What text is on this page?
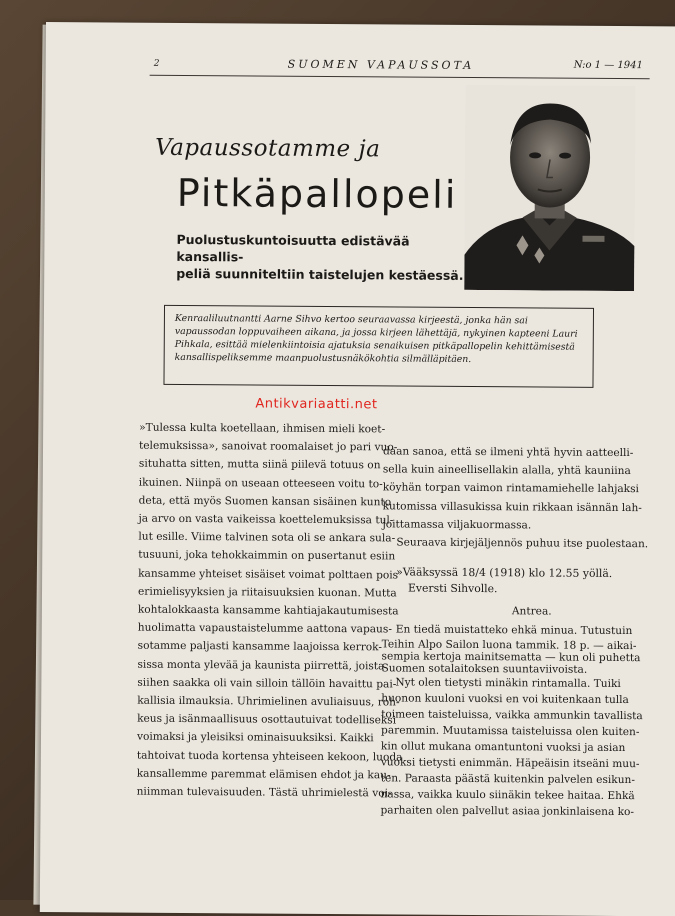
2	SUOMEN VAPAUSSOTA	N:o 1 — 1941
Vapaussotamme ja
Pitkäpallopeli
Puolustuskuntoisuutta edistävää kansallis-
peliä suunniteltiin taistelujen kestäessä.
Kenraaliluutnantti Aarne Sihvo kertoo seuraavassa kirjeestä, jonka hän sai
vapaussodan loppuvaiheen aikana, ja jossa kirjeen lähettäjä, nykyinen kapteeni Lauri
Pihkala, esittää mielenkiintoisia ajatuksia senaikuisen pitkäpallopelin kehittämisestä
kansallispeliksemme maanpuolustusnäkökohtia silmälläpitäen.
Antikvariaatti.net
»Tulessa kulta koetellaan, ihmisen mieli koet-
telemuksissa», sanoivat roomalaiset jo pari vuo-
situhatta sitten, mutta siinä piilevä totuus on
ikuinen. Niinpä on useaan otteeseen voitu to-
deta, että myös Suomen kansan sisäinen kunto
ja arvo on vasta vaikeissa koettelemuksissa tul-
lut esille. Viime talvinen sota oli se ankara sula-
tusuuni, joka tehokkaimmin on pusertanut esiin
kansamme yhteiset sisäiset voimat polttaen pois
erimielisyyksien ja riitaisuuksien kuonan. Mutta
kohtalokkaasta kansamme kahtiajakautumisesta
huolimatta vapaustaistelumme aattona vapaus-
sotamme paljasti kansamme laajoissa kerrok-
sissa monta ylevää ja kaunista piirrettä, joista
siihen saakka oli vain silloin tällöin havaittu pai-
kallisia ilmauksia. Uhrimielinen avuliaisuus, roh-
keus ja isänmaallisuus osottautuivat todelliseksi
voimaksi ja yleisiksi ominaisuuksiksi. Kaikki
tahtoivat tuoda kortensa yhteiseen kekoon, luoda
kansallemme paremmat elämisen ehdot ja kau-
niimman tulevaisuuden. Tästä uhrimielestä voi-
daan sanoa, että se ilmeni yhtä hyvin aatteelli-
sella kuin aineellisellakin alalla, yhtä kauniina
köyhän torpan vaimon rintamamiehelle lahjaksi
kutomissa villasukissa kuin rikkaan isännän lah-
joittamassa viljakuormassa.
Seuraava kirjejäljennös puhuu itse puolestaan.
»Vääksyssä 18/4 (1918) klo 12.55 yöllä.
Eversti Sihvolle.
Antrea.
En tiedä muistatteko ehkä minua. Tutustuin
Teihin Alpo Sailon luona tammik. 18 p. — aikai-
sempia kertoja mainitsematta — kun oli puhetta
Suomen sotalaitoksen suuntaviivoista.
Nyt olen tietysti minäkin rintamalla. Tuiki
huonon kuuloni vuoksi en voi kuitenkaan tulla
toimeen taisteluissa, vaikka ammunkin tavallista
paremmin. Muutamissa taisteluissa olen kuiten-
kin ollut mukana omantuntoni vuoksi ja asian
vuoksi tietysti enimmän. Häpeäisin itseäni muu-
ten. Paraasta päästä kuitenkin palvelen esikun-
nassa, vaikka kuulo siinäkin tekee haitaa. Ehkä
parhaiten olen palvellut asiaa jonkinlaisena ko-
